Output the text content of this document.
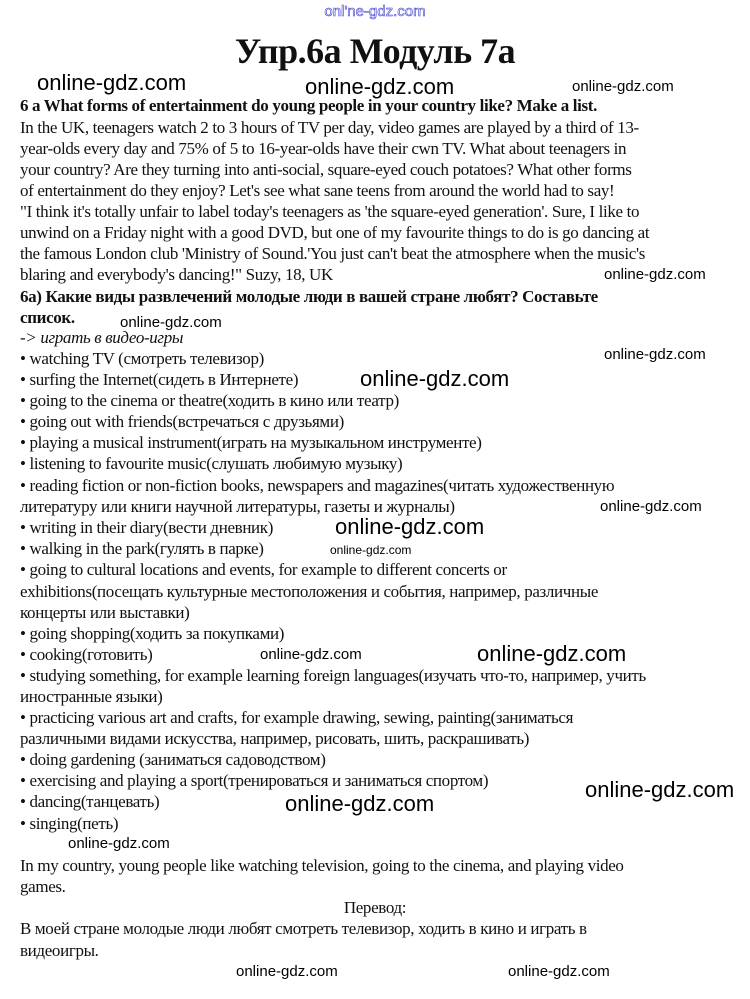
onl'ne-gdz.com
Упр.6а Модуль 7а
6 a What forms of entertainment do young people in your country like? Make a list.
In the UK, teenagers watch 2 to 3 hours of TV per day, video games are played by a third of 13-
year-olds every day and 75% of 5 to 16-year-olds have their cwn TV. What about teenagers in
your country? Are they turning into anti-social, square-eyed couch potatoes? What other forms
of entertainment do they enjoy? Let's see what sane teens from around the world had to say!
"I think it's totally unfair to label today's teenagers as 'the square-eyed generation'. Sure, I like to
unwind on a Friday night with a good DVD, but one of my favourite things to do is go dancing at
the famous London club 'Ministry of Sound.'You just can't beat the atmosphere when the music's
blaring and everybody's dancing!" Suzy, 18, UK
6а) Какие виды развлечений молодые люди в вашей стране любят? Составьте
список.
-> играть в видео-игры
• watching TV (смотреть телевизор)
• surfing the Internet(сидеть в Интернете)
• going to the cinema or theatre(ходить в кино или театр)
• going out with friends(встречаться с друзьями)
• playing a musical instrument(играть на музыкальном инструменте)
• listening to favourite music(слушать любимую музыку)
• reading fiction or non-fiction books, newspapers and magazines(читать художественную
литературу или книги научной литературы, газеты и журналы)
• writing in their diary(вести дневник)
• walking in the park(гулять в парке)
• going to cultural locations and events, for example to different concerts or
exhibitions(посещать культурные местоположения и события, например, различные
концерты или выставки)
• going shopping(ходить за покупками)
• cooking(готовить)
• studying something, for example learning foreign languages(изучать что-то, например, учить
иностранные языки)
• practicing various art and crafts, for example drawing, sewing, painting(заниматься
различными видами искусства, например, рисовать, шить, раскрашивать)
• doing gardening (заниматься садоводством)
• exercising and playing a sport(тренироваться и заниматься спортом)
• dancing(танцевать)
• singing(петь)
In my country, young people like watching television, going to the cinema, and playing video
games.
Перевод:
В моей стране молодые люди любят смотреть телевизор, ходить в кино и играть в
видеоигры.
online-gdz.com	online-gdz.com	online-gdz.com
online-gdz.com
online-gdz.com
online-gdz.com
online-gdz.com
online-gdz.com
online-gdz.com
online-gdz.com
online-gdz.com	online-gdz.com
online-gdz.com
online-gdz.com
online-gdz.com
online-gdz.com	online-gdz.com
